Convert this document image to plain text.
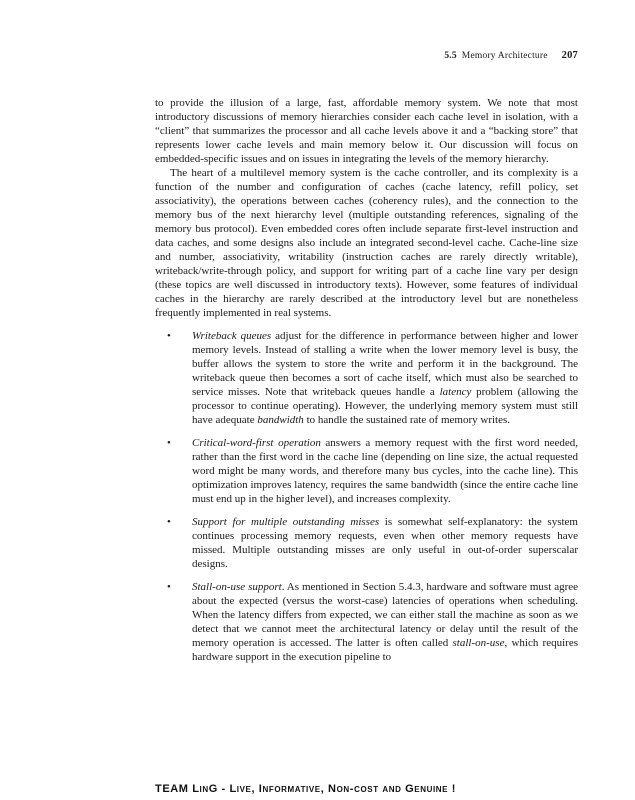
5.5 Memory Architecture 207

to provide the illusion of a large, fast, affordable memory system. We note that most introductory discussions of memory hierarchies consider each cache level in isolation, with a “client” that summarizes the processor and all cache levels above it and a “backing store” that represents lower cache levels and main memory below it. Our discussion will focus on embedded-specific issues and on issues in integrating the levels of the memory hierarchy.

The heart of a multilevel memory system is the cache controller, and its complexity is a function of the number and configuration of caches (cache latency, refill policy, set associativity), the operations between caches (coherency rules), and the connection to the memory bus of the next hierarchy level (multiple outstanding references, signaling of the memory bus protocol). Even embedded cores often include separate first-level instruction and data caches, and some designs also include an integrated second-level cache. Cache-line size and number, associativity, writability (instruction caches are rarely directly writable), writeback/write-through policy, and support for writing part of a cache line vary per design (these topics are well discussed in introductory texts). However, some features of individual caches in the hierarchy are rarely described at the introductory level but are nonetheless frequently implemented in real systems.

• Writeback queues adjust for the difference in performance between higher and lower memory levels. Instead of stalling a write when the lower memory level is busy, the buffer allows the system to store the write and perform it in the background. The writeback queue then becomes a sort of cache itself, which must also be searched to service misses. Note that writeback queues handle a latency problem (allowing the processor to continue operating). However, the underlying memory system must still have adequate bandwidth to handle the sustained rate of memory writes.
• Critical-word-first operation answers a memory request with the first word needed, rather than the first word in the cache line (depending on line size, the actual requested word might be many words, and therefore many bus cycles, into the cache line). This optimization improves latency, requires the same bandwidth (since the entire cache line must end up in the higher level), and increases complexity.
• Support for multiple outstanding misses is somewhat self-explanatory: the system continues processing memory requests, even when other memory requests have missed. Multiple outstanding misses are only useful in out-of-order superscalar designs.
• Stall-on-use support. As mentioned in Section 5.4.3, hardware and software must agree about the expected (versus the worst-case) latencies of operations when scheduling. When the latency differs from expected, we can either stall the machine as soon as we detect that we cannot meet the architectural latency or delay until the result of the memory operation is accessed. The latter is often called stall-on-use, which requires hardware support in the execution pipeline to
TEAM LinG - Live, Informative, Non-cost and Genuine !
